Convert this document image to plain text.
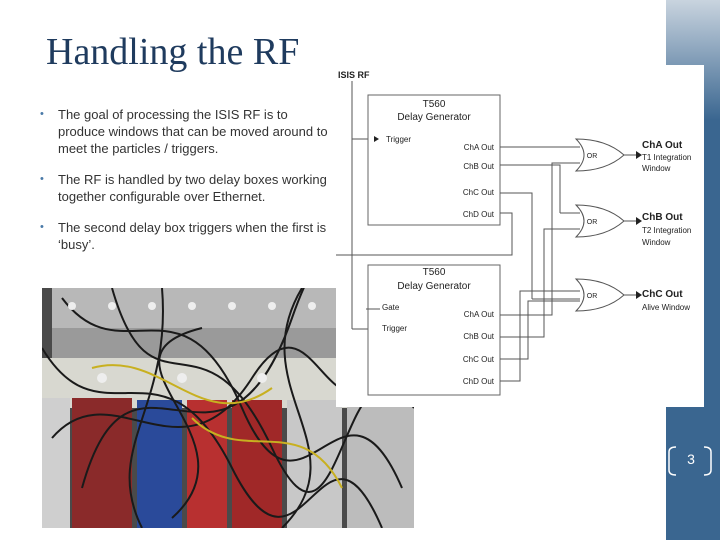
Handling the RF
• The goal of processing the ISIS RF is to produce windows that can be moved around to meet the particles / triggers.
• The RF is handled by two delay boxes working together configurable over Ethernet.
• The second delay box triggers when the first is ‘busy’.
ISIS RF
T560
Delay Generator
Trigger
ChA Out
ChB Out
ChC Out
ChD Out
T560
Delay Generator
Gate
Trigger
ChA Out
ChB Out
ChC Out
ChD Out
OR
OR
OR
ChA Out
T1 Integration
Window
ChB Out
T2 Integration
Window
ChC Out
Alive Window
3
